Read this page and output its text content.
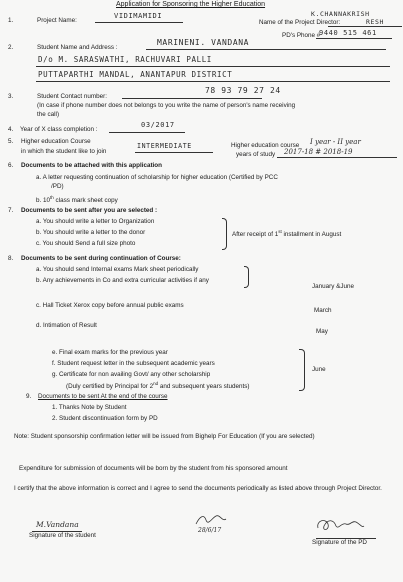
Application for Sponsoring the Higher Education
1.	Project Name:
VIDIMAMIDI	K.CHANNAKRISH
Name of the Project Director:	RESH
PD's Phone #
9440 515 461
2.	Student Name and Address :
MARINENI. VANDANA
D/o M. SARASWATHI, RACHUVARI PALLI
PUTTAPARTHI MANDAL, ANANTAPUR DISTRICT
3.	Student Contact number:
78 93 79 27 24
(In case if phone number does not belongs to you write the name of person's name receiving
the call)
4. Year of X class completion :
03/2017
5. Higher education Course
in which the student like to join
INTERMEDIATE	Higher education course I year - II year
years of study 2017-18 # 2018-19
6. Documents to be attached with this application
a. A letter requesting continuation of scholarship for higher education (Certified by PCC
/PD)
b. 10th class mark sheet copy
7. Documents to be sent after you are selected :
a. You should write a letter to Organization
b. You should write a letter to the donor
c. You should Send a full size photo
After receipt of 1st installment in August
8. Documents to be sent during continuation of Course:
a. You should send Internal exams Mark sheet periodically
b. Any achievements in Co and extra curricular activities if any
January &June
c. Hall Ticket Xerox copy before annual public exams
March
d. Intimation of Result
May
e. Final exam marks for the previous year
f. Student request letter in the subsequent academic years
g. Certificate for non availing Govt/ any other scholarship
(Duly certified by Principal for 2nd and subsequent years students)
June
9. Documents to be sent At the end of the course
1. Thanks Note by Student
2. Student discontinuation form by PD
Note: Student sponsorship confirmation letter will be issued from Bighelp For Education (If you are selected)
Expenditure for submission of documents will be born by the student from his sponsored amount
I certify that the above information is correct and I agree to send the documents periodically as listed above through Project Director.
M.Vandana
Signature of the student
28/6/17
Signature of the PD
